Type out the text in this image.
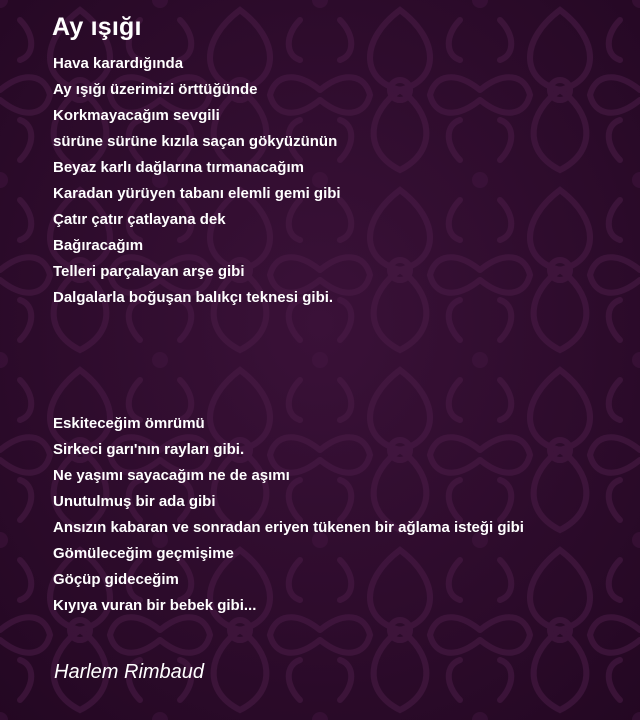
Ay ışığı
Hava karardığında
Ay ışığı üzerimizi örttüğünde
Korkmayacağım sevgili
sürüne sürüne kızıla saçan gökyüzünün
Beyaz karlı dağlarına tırmanacağım
Karadan yürüyen tabanı elemli gemi gibi
Çatır çatır çatlayana dek
Bağıracağım
Telleri parçalayan arşe gibi
Dalgalarla boğuşan balıkçı teknesi gibi.
Eskiteceğim ömrümü
Sirkeci garı'nın rayları gibi.
Ne yaşımı sayacağım ne de aşımı
Unutulmuş bir ada gibi
Ansızın kabaran ve sonradan eriyen tükenen bir ağlama isteği gibi
Gömüleceğim geçmişime
Göçüp gideceğim
Kıyıya vuran bir bebek gibi...

Harlem Rimbaud
